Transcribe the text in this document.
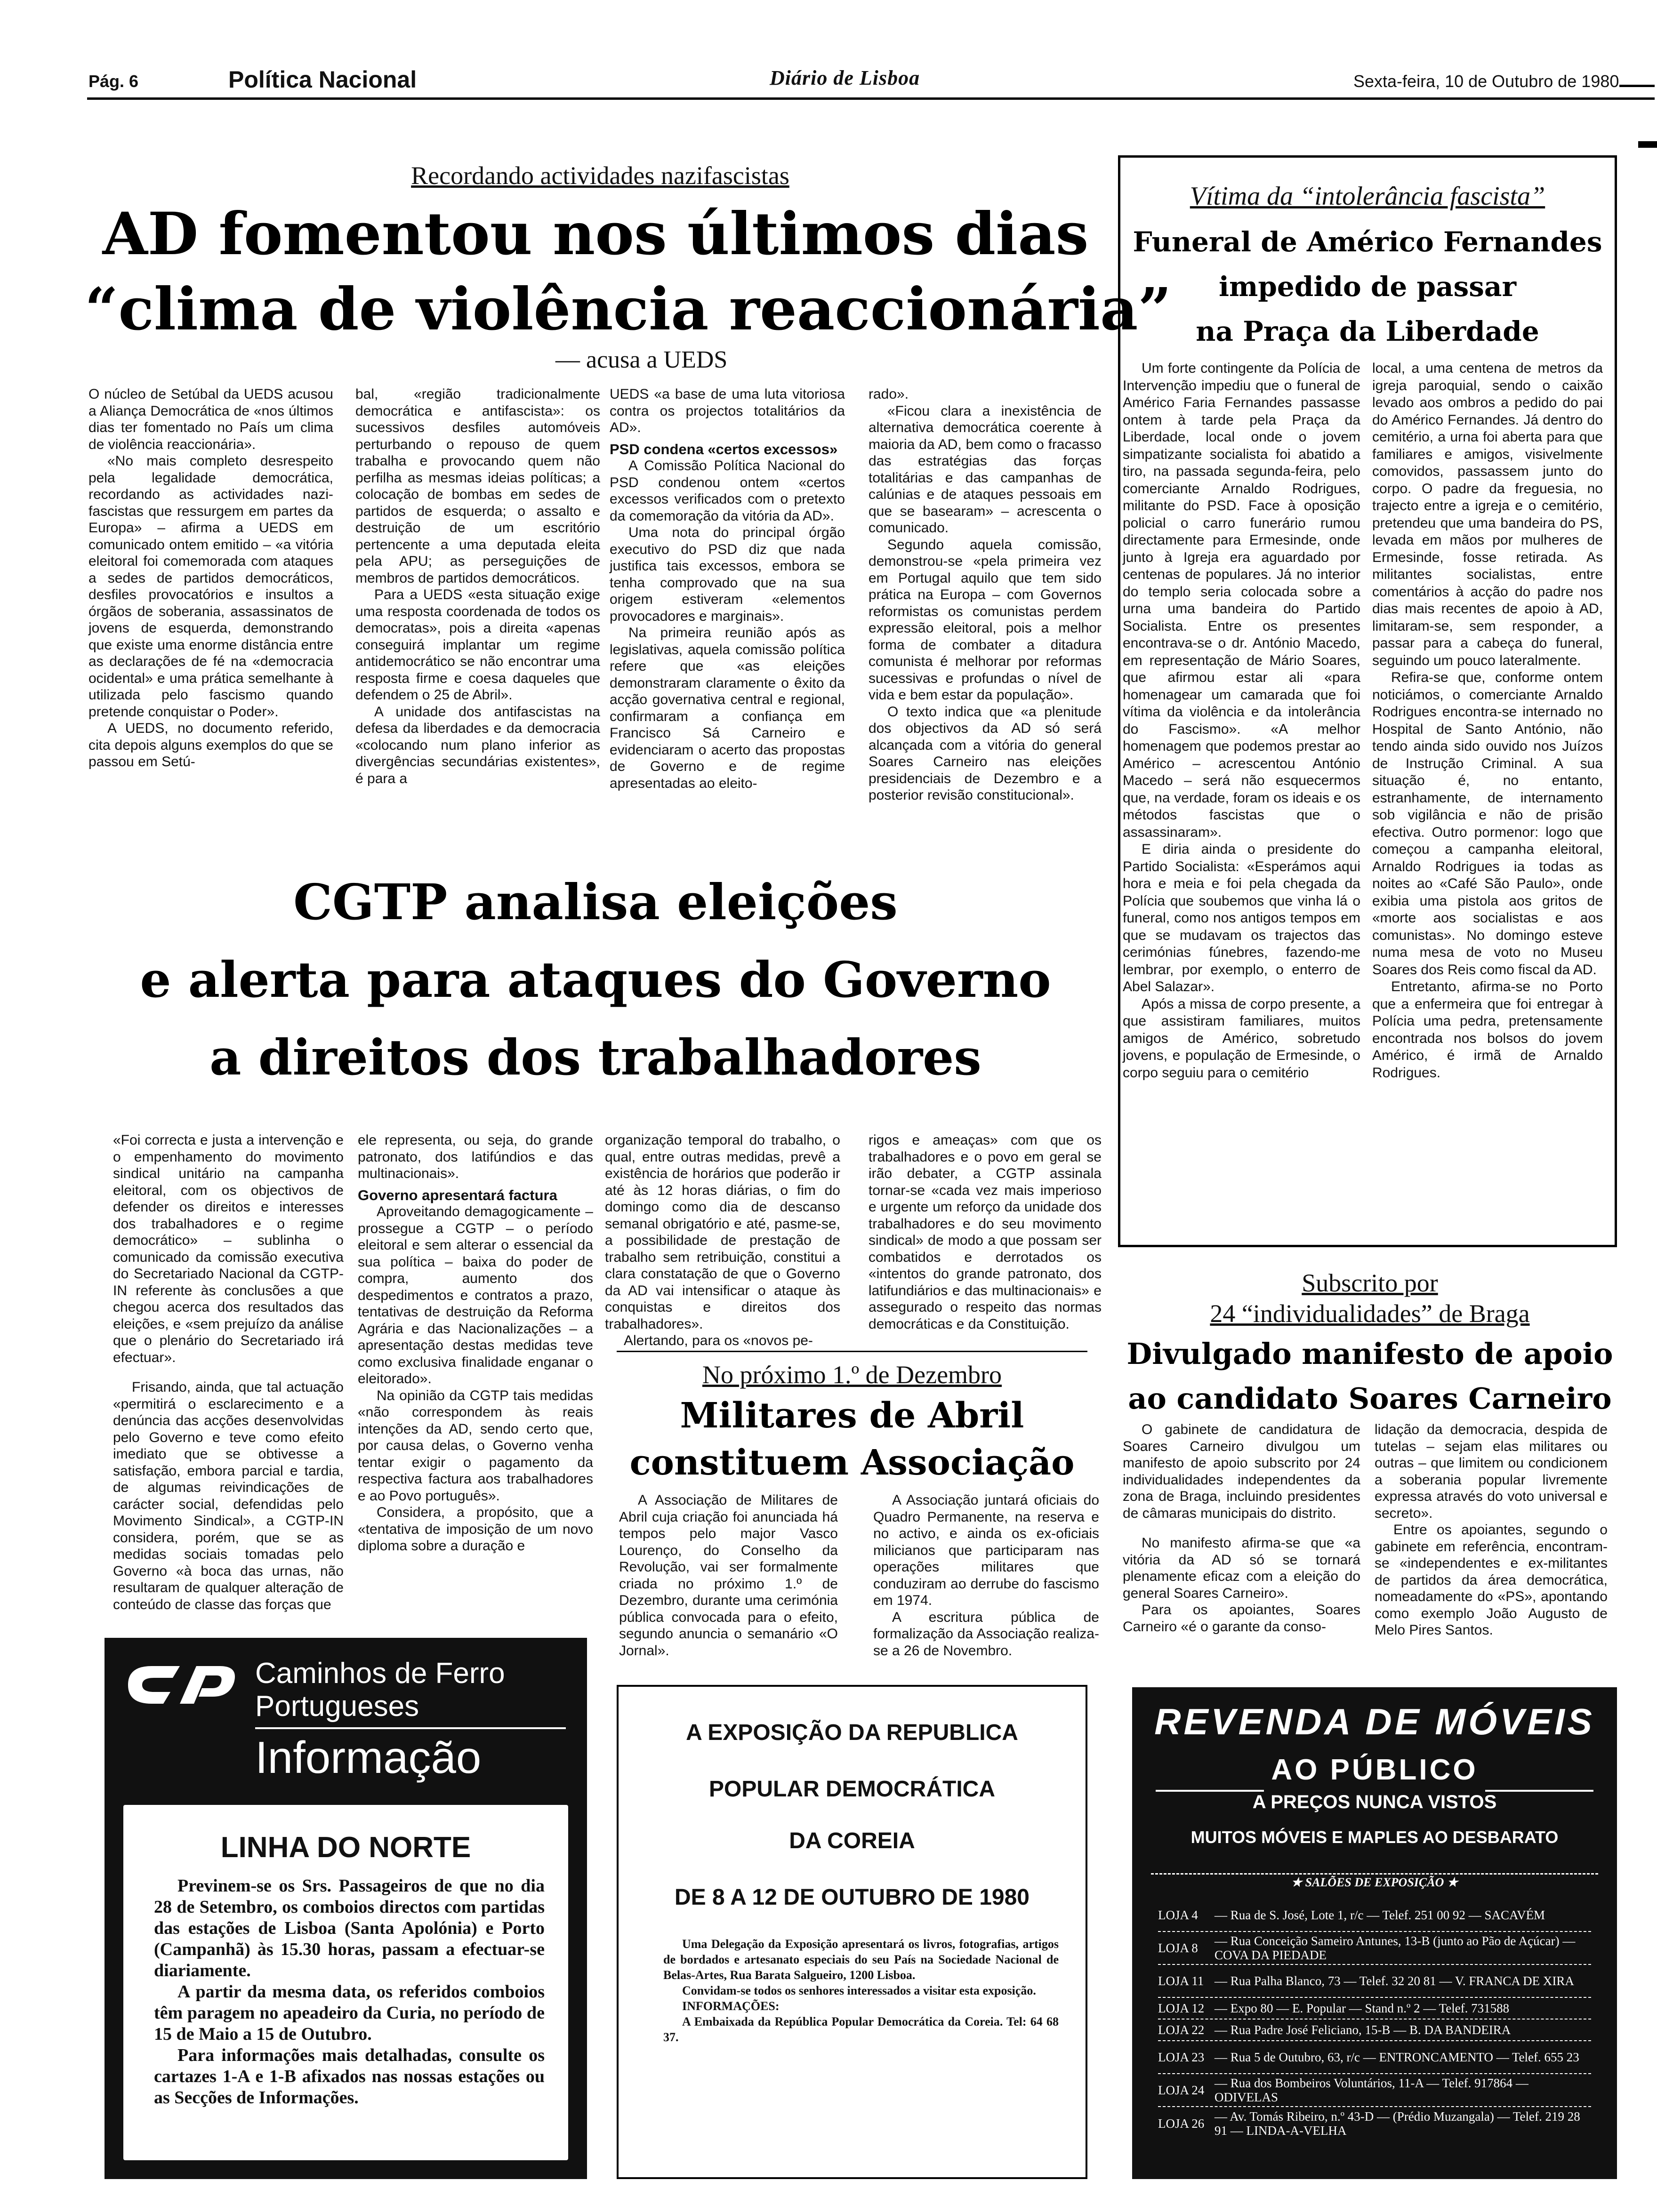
Pág. 6	Política Nacional	Diário de Lisboa	Sexta-feira, 10 de Outubro de 1980
Recordando actividades nazifascistas
AD fomentou nos últimos dias
“clima de violência reaccionária”
— acusa a UEDS

O núcleo de Setúbal da UEDS acusou a Aliança Democrática de «nos últimos dias ter fomentado no País um clima de violência reaccionária».

«No mais completo desrespeito pela legalidade democrática, recordando as actividades nazi-fascistas que ressurgem em partes da Europa» – afirma a UEDS em comunicado ontem emitido – «a vitória eleitoral foi comemorada com ataques a sedes de partidos democráticos, desfiles provocatórios e insultos a órgãos de soberania, assassinatos de jovens de esquerda, demonstrando que existe uma enorme distância entre as declarações de fé na «democracia ocidental» e uma prática semelhante à utilizada pelo fascismo quando pretende conquistar o Poder».

A UEDS, no documento referido, cita depois alguns exemplos do que se passou em Setú-

bal, «região tradicionalmente democrática e antifascista»: os sucessivos desfiles automóveis perturbando o repouso de quem trabalha e provocando quem não perfilha as mesmas ideias políticas; a colocação de bombas em sedes de partidos de esquerda; o assalto e destruição de um escritório pertencente a uma deputada eleita pela APU; as perseguições de membros de partidos democráticos.

Para a UEDS «esta situação exige uma resposta coordenada de todos os democratas», pois a direita «apenas conseguirá implantar um regime antidemocrático se não encontrar uma resposta firme e coesa daqueles que defendem o 25 de Abril».

A unidade dos antifascistas na defesa da liberdades e da democracia «colocando num plano inferior as divergências secundárias existentes», é para a

UEDS «a base de uma luta vitoriosa contra os projectos totalitários da AD».

PSD condena «certos excessos»

A Comissão Política Nacional do PSD condenou ontem «certos excessos verificados com o pretexto da comemoração da vitória da AD».

Uma nota do principal órgão executivo do PSD diz que nada justifica tais excessos, embora se tenha comprovado que na sua origem estiveram «elementos provocadores e marginais».

Na primeira reunião após as legislativas, aquela comissão política refere que «as eleições demonstraram claramente o êxito da acção governativa central e regional, confirmaram a confiança em Francisco Sá Carneiro e evidenciaram o acerto das propostas de Governo e de regime apresentadas ao eleito-

rado».

«Ficou clara a inexistência de alternativa democrática coerente à maioria da AD, bem como o fracasso das estratégias das forças totalitárias e das campanhas de calúnias e de ataques pessoais em que se basearam» – acrescenta o comunicado.

Segundo aquela comissão, demonstrou-se «pela primeira vez em Portugal aquilo que tem sido prática na Europa – com Governos reformistas os comunistas perdem expressão eleitoral, pois a melhor forma de combater a ditadura comunista é melhorar por reformas sucessivas e profundas o nível de vida e bem estar da população».

O texto indica que «a plenitude dos objectivos da AD só será alcançada com a vitória do general Soares Carneiro nas eleições presidenciais de Dezembro e a posterior revisão constitucional».

CGTP analisa eleições
e alerta para ataques do Governo
a direitos dos trabalhadores

«Foi correcta e justa a intervenção e o empenhamento do movimento sindical unitário na campanha eleitoral, com os objectivos de defender os direitos e interesses dos trabalhadores e o regime democrático» – sublinha o comunicado da comissão executiva do Secretariado Nacional da CGTP-IN referente às conclusões a que chegou acerca dos resultados das eleições, e «sem prejuízo da análise que o plenário do Secretariado irá efectuar».

Frisando, ainda, que tal actuação «permitirá o esclarecimento e a denúncia das acções desenvolvidas pelo Governo e teve como efeito imediato que se obtivesse a satisfação, embora parcial e tardia, de algumas reivindicações de carácter social, defendidas pelo Movimento Sindical», a CGTP-IN considera, porém, que se as medidas sociais tomadas pelo Governo «à boca das urnas, não resultaram de qualquer alteração de conteúdo de classe das forças que

ele representa, ou seja, do grande patronato, dos latifúndios e das multinacionais».

Governo apresentará factura

Aproveitando demagogicamente – prossegue a CGTP – o período eleitoral e sem alterar o essencial da sua política – baixa do poder de compra, aumento dos despedimentos e contratos a prazo, tentativas de destruição da Reforma Agrária e das Nacionalizações – a apresentação destas medidas teve como exclusiva finalidade enganar o eleitorado».

Na opinião da CGTP tais medidas «não correspondem às reais intenções da AD, sendo certo que, por causa delas, o Governo venha tentar exigir o pagamento da respectiva factura aos trabalhadores e ao Povo português».

Considera, a propósito, que a «tentativa de imposição de um novo diploma sobre a duração e

organização temporal do trabalho, o qual, entre outras medidas, prevê a existência de horários que poderão ir até às 12 horas diárias, o fim do domingo como dia de descanso semanal obrigatório e até, pasme-se, a possibilidade de prestação de trabalho sem retribuição, constitui a clara constatação de que o Governo da AD vai intensificar o ataque às conquistas e direitos dos trabalhadores».

Alertando, para os «novos pe-

rigos e ameaças» com que os trabalhadores e o povo em geral se irão debater, a CGTP assinala tornar-se «cada vez mais imperioso e urgente um reforço da unidade dos trabalhadores e do seu movimento sindical» de modo a que possam ser combatidos e derrotados os «intentos do grande patronato, dos latifundiários e das multinacionais» e assegurado o respeito das normas democráticas e da Constituição.

No próximo 1.º de Dezembro
Militares de Abril
constituem Associação

A Associação de Militares de Abril cuja criação foi anunciada há tempos pelo major Vasco Lourenço, do Conselho da Revolução, vai ser formalmente criada no próximo 1.º de Dezembro, durante uma cerimónia pública convocada para o efeito, segundo anuncia o semanário «O Jornal».

A Associação juntará oficiais do Quadro Permanente, na reserva e no activo, e ainda os ex-oficiais milicianos que participaram nas operações militares que conduziram ao derrube do fascismo em 1974.

A escritura pública de formalização da Associação realiza-se a 26 de Novembro.

Vítima da “intolerância fascista”
Funeral de Américo Fernandes
impedido de passar
na Praça da Liberdade

Um forte contingente da Polícia de Intervenção impediu que o funeral de Américo Faria Fernandes passasse ontem à tarde pela Praça da Liberdade, local onde o jovem simpatizante socialista foi abatido a tiro, na passada segunda-feira, pelo comerciante Arnaldo Rodrigues, militante do PSD. Face à oposição policial o carro funerário rumou directamente para Ermesinde, onde junto à Igreja era aguardado por centenas de populares. Já no interior do templo seria colocada sobre a urna uma bandeira do Partido Socialista. Entre os presentes encontrava-se o dr. António Macedo, em representação de Mário Soares, que afirmou estar ali «para homenagear um camarada que foi vítima da violência e da intolerância do Fascismo». «A melhor homenagem que podemos prestar ao Américo – acrescentou António Macedo – será não esquecermos que, na verdade, foram os ideais e os métodos fascistas que o assassinaram».

E diria ainda o presidente do Partido Socialista: «Esperámos aqui hora e meia e foi pela chegada da Polícia que soubemos que vinha lá o funeral, como nos antigos tempos em que se mudavam os trajectos das cerimónias fúnebres, fazendo-me lembrar, por exemplo, o enterro de Abel Salazar».

Após a missa de corpo presente, a que assistiram familiares, muitos amigos de Américo, sobretudo jovens, e população de Ermesinde, o corpo seguiu para o cemitério

local, a uma centena de metros da igreja paroquial, sendo o caixão levado aos ombros a pedido do pai do Américo Fernandes. Já dentro do cemitério, a urna foi aberta para que familiares e amigos, visivelmente comovidos, passassem junto do corpo. O padre da freguesia, no trajecto entre a igreja e o cemitério, pretendeu que uma bandeira do PS, levada em mãos por mulheres de Ermesinde, fosse retirada. As militantes socialistas, entre comentários à acção do padre nos dias mais recentes de apoio à AD, limitaram-se, sem responder, a passar para a cabeça do funeral, seguindo um pouco lateralmente.

Refira-se que, conforme ontem noticiámos, o comerciante Arnaldo Rodrigues encontra-se internado no Hospital de Santo António, não tendo ainda sido ouvido nos Juízos de Instrução Criminal. A sua situação é, no entanto, estranhamente, de internamento sob vigilância e não de prisão efectiva. Outro pormenor: logo que começou a campanha eleitoral, Arnaldo Rodrigues ia todas as noites ao «Café São Paulo», onde exibia uma pistola aos gritos de «morte aos socialistas e aos comunistas». No domingo esteve numa mesa de voto no Museu Soares dos Reis como fiscal da AD.

Entretanto, afirma-se no Porto que a enfermeira que foi entregar à Polícia uma pedra, pretensamente encontrada nos bolsos do jovem Américo, é irmã de Arnaldo Rodrigues.

Subscrito por
24 “individualidades” de Braga
Divulgado manifesto de apoio
ao candidato Soares Carneiro

O gabinete de candidatura de Soares Carneiro divulgou um manifesto de apoio subscrito por 24 individualidades independentes da zona de Braga, incluindo presidentes de câmaras municipais do distrito.

No manifesto afirma-se que «a vitória da AD só se tornará plenamente eficaz com a eleição do general Soares Carneiro».

Para os apoiantes, Soares Carneiro «é o garante da conso-

lidação da democracia, despida de tutelas – sejam elas militares ou outras – que limitem ou condicionem a soberania popular livremente expressa através do voto universal e secreto».

Entre os apoiantes, segundo o gabinete em referência, encontram-se «independentes e ex-militantes de partidos da área democrática, nomeadamente do «PS», apontando como exemplo João Augusto de Melo Pires Santos.

Caminhos de Ferro
Portugueses
Informação
LINHA DO NORTE

Previnem-se os Srs. Passageiros de que no dia 28 de Setembro, os comboios directos com partidas das estações de Lisboa (Santa Apolónia) e Porto (Campanhã) às 15.30 horas, passam a efectuar-se diariamente.

A partir da mesma data, os referidos comboios têm paragem no apeadeiro da Curia, no período de 15 de Maio a 15 de Outubro.

Para informações mais detalhadas, consulte os cartazes 1-A e 1-B afixados nas nossas estações ou as Secções de Informações.

A EXPOSIÇÃO DA REPUBLICA
POPULAR DEMOCRÁTICA
DA COREIA
DE 8 A 12 DE OUTUBRO DE 1980

Uma Delegação da Exposição apresentará os livros, fotografias, artigos de bordados e artesanato especiais do seu País na Sociedade Nacional de Belas-Artes, Rua Barata Salgueiro, 1200 Lisboa.

Convidam-se todos os senhores interessados a visitar esta exposição.

INFORMAÇÕES:

A Embaixada da República Popular Democrática da Coreia. Tel: 64 68 37.

REVENDA DE MÓVEIS
AO PÚBLICO
A PREÇOS NUNCA VISTOS
MUITOS MÓVEIS E MAPLES AO DESBARATO
★ SALÕES DE EXPOSIÇÃO ★
LOJA 4	— Rua de S. José, Lote 1, r/c — Telef. 251 00 92 — SACAVÉM
LOJA 8	— Rua Conceição Sameiro Antunes, 13-B (junto ao Pão de Açúcar) — COVA DA PIEDADE
LOJA 11 — Rua Palha Blanco, 73 — Telef. 32 20 81 — V. FRANCA DE XIRA
LOJA 12 — Expo 80 — E. Popular — Stand n.º 2 — Telef. 731588
LOJA 22 — Rua Padre José Feliciano, 15-B — B. DA BANDEIRA
LOJA 23 — Rua 5 de Outubro, 63, r/c — ENTRONCAMENTO — Telef. 655 23
LOJA 24 — Rua dos Bombeiros Voluntários, 11-A — Telef. 917864 — ODIVELAS
LOJA 26 — Av. Tomás Ribeiro, n.º 43-D — (Prédio Muzangala) — Telef. 219 28 91 — LINDA-A-VELHA
